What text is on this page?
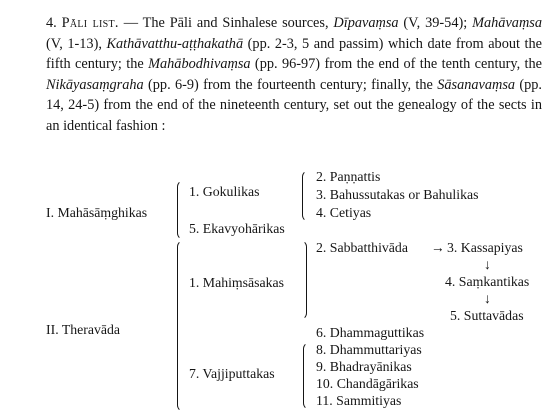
4. Pāli list. — The Pāli and Sinhalese sources, Dīpavaṃsa (V, 39-54); Mahāvaṃsa (V, 1-13), Kathāvatthu-aṭṭhakathā (pp. 2-3, 5 and passim) which date from about the fifth century; the Mahābodhivaṃsa (pp. 96-97) from the end of the tenth century, the Nikāyasaṃgraha (pp. 6-9) from the fourteenth century; finally, the Sāsanavaṃsa (pp. 14, 24-5) from the end of the nineteenth century, set out the genealogy of the sects in an identical fashion :

I. Mahāsāṃghikas
1. Gokulikas
5. Ekavyohārikas
2. Paṇṇattis
3. Bahussutakas or Bahulikas
4. Cetiyas
II. Theravāda
1. Mahiṃsāsakas
2. Sabbatthivāda → 3. Kassapiyas
↓
4. Saṃkantikas
↓
5. Suttavādas
6. Dhammaguttikas
7. Vajjiputtakas
8. Dhammuttariyas
9. Bhadrayānikas
10. Chandāgārikas
11. Sammitiyas
